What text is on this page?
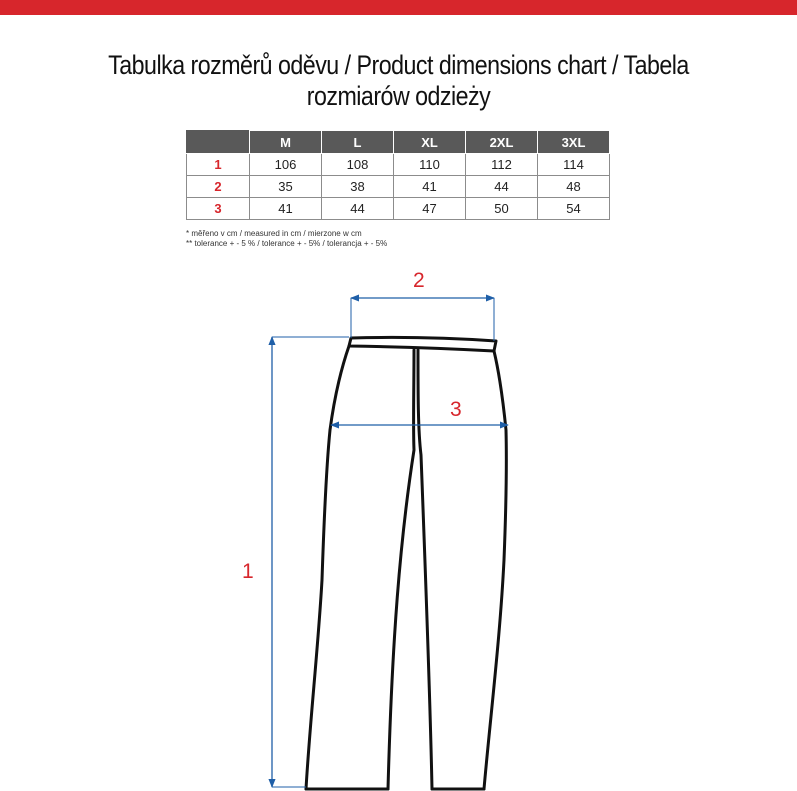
Tabulka rozměrů oděvu / Product dimensions chart / Tabela rozmiarów odzieży
	M	L	XL	2XL	3XL
1	106	108	110	112	114
2	35	38	41	44	48
3	41	44	47	50	54
* měřeno v cm / measured in cm / mierzone w cm
** tolerance + - 5 % / tolerance + - 5% / tolerancja + - 5%
2
3
1
